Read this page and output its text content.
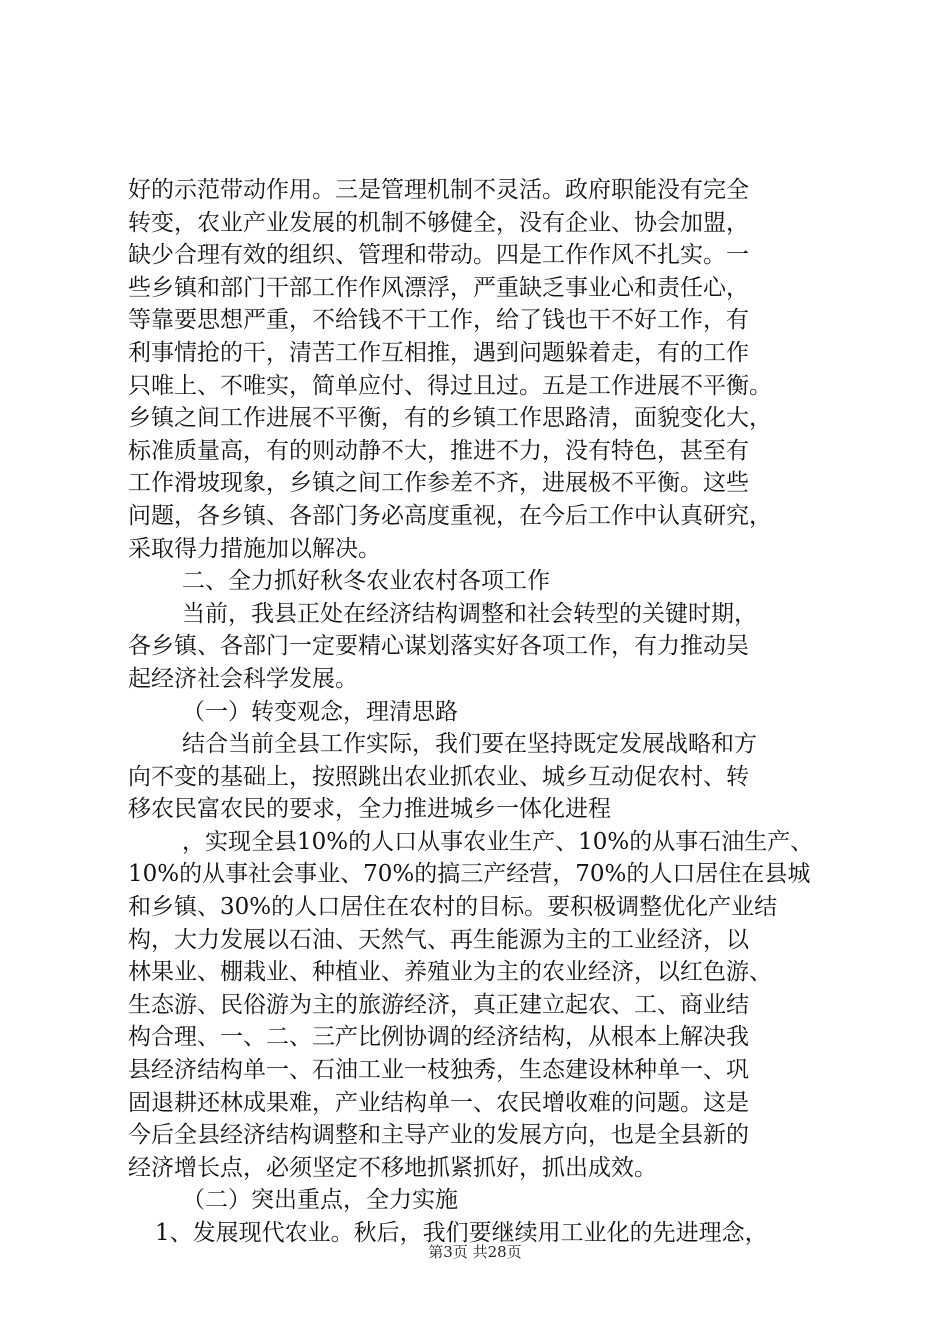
好的示范带动作用。三是管理机制不灵活。政府职能没有完全
转变，农业产业发展的机制不够健全，没有企业、协会加盟，
缺少合理有效的组织、管理和带动。四是工作作风不扎实。一
些乡镇和部门干部工作作风漂浮，严重缺乏事业心和责任心，
等靠要思想严重，不给钱不干工作，给了钱也干不好工作，有
利事情抢的干，清苦工作互相推，遇到问题躲着走，有的工作
只唯上、不唯实，简单应付、得过且过。五是工作进展不平衡。
乡镇之间工作进展不平衡，有的乡镇工作思路清，面貌变化大，
标准质量高，有的则动静不大，推进不力，没有特色，甚至有
工作滑坡现象，乡镇之间工作参差不齐，进展极不平衡。这些
问题，各乡镇、各部门务必高度重视，在今后工作中认真研究，
采取得力措施加以解决。
二、全力抓好秋冬农业农村各项工作
当前，我县正处在经济结构调整和社会转型的关键时期，
各乡镇、各部门一定要精心谋划落实好各项工作，有力推动吴
起经济社会科学发展。
（一）转变观念，理清思路
结合当前全县工作实际，我们要在坚持既定发展战略和方
向不变的基础上，按照跳出农业抓农业、城乡互动促农村、转
移农民富农民的要求，全力推进城乡一体化进程
，实现全县10%的人口从事农业生产、10%的从事石油生产、
10%的从事社会事业、70%的搞三产经营，70%的人口居住在县城
和乡镇、30%的人口居住在农村的目标。要积极调整优化产业结
构，大力发展以石油、天然气、再生能源为主的工业经济，以
林果业、棚栽业、种植业、养殖业为主的农业经济，以红色游、
生态游、民俗游为主的旅游经济，真正建立起农、工、商业结
构合理、一、二、三产比例协调的经济结构，从根本上解决我
县经济结构单一、石油工业一枝独秀，生态建设林种单一、巩
固退耕还林成果难，产业结构单一、农民增收难的问题。这是
今后全县经济结构调整和主导产业的发展方向，也是全县新的
经济增长点，必须坚定不移地抓紧抓好，抓出成效。
（二）突出重点，全力实施
1、发展现代农业。秋后，我们要继续用工业化的先进理念，
第3页 共28页
